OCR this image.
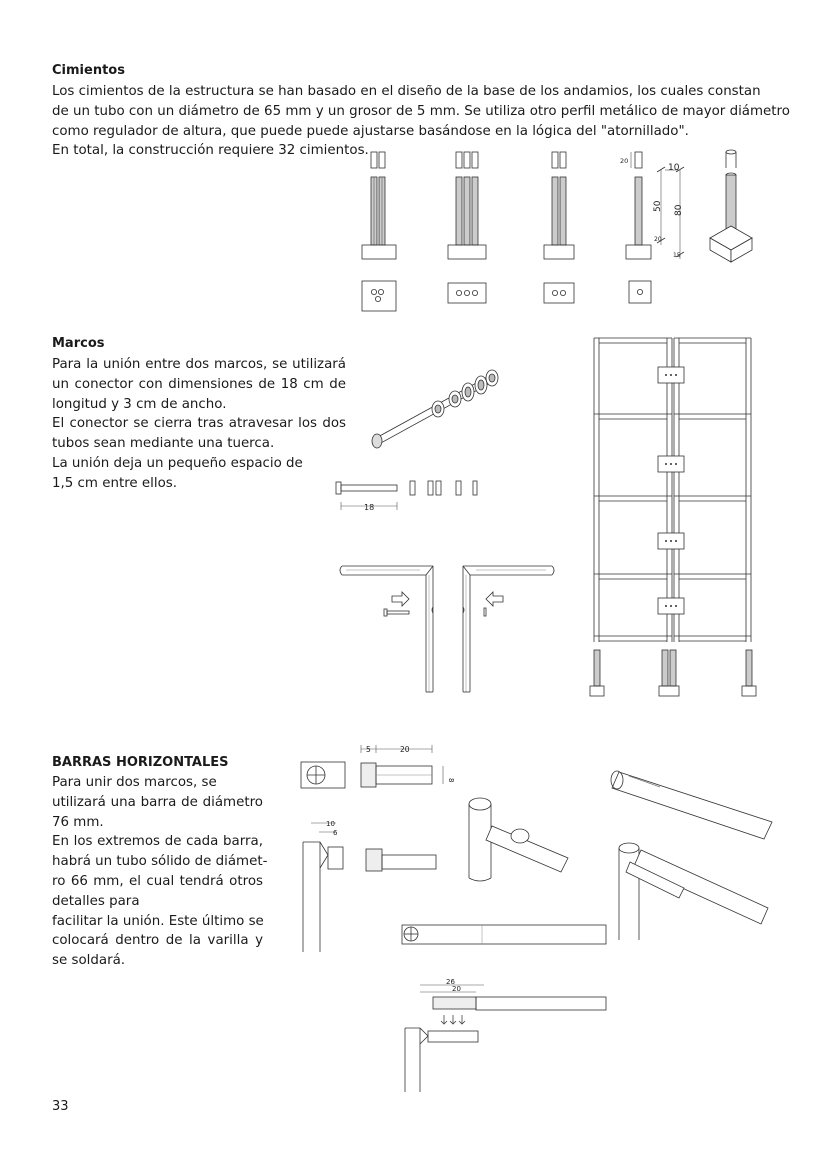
Cimientos
Los cimientos de la estructura se han basado en el diseño de la base de los andamios, los cuales constan
de un tubo con un diámetro de 65 mm y un grosor de 5 mm. Se utiliza otro perfil metálico de mayor diámetro
como regulador de altura, que puede puede ajustarse basándose en la lógica del "atornillado".
En total, la construcción requiere 32 cimientos.
Marcos
Para la unión entre dos marcos, se utilizará
un conector con dimensiones de 18 cm de
longitud y 3 cm de ancho.
El conector se cierra tras atravesar los dos
tubos sean mediante una tuerca.
La unión deja un pequeño espacio de
1,5 cm entre ellos.
BARRAS HORIZONTALES
Para unir dos marcos, se
utilizará una barra de diámetro
76 mm.
En los extremos de cada barra,
habrá un tubo sólido de diámet-
ro 66 mm, el cual tendrá otros
detalles para
facilitar la unión. Este último se
colocará dentro de la varilla y
se soldará.
33
20
10
50 80
20
15
18
5	20
8
10
6
26
20
